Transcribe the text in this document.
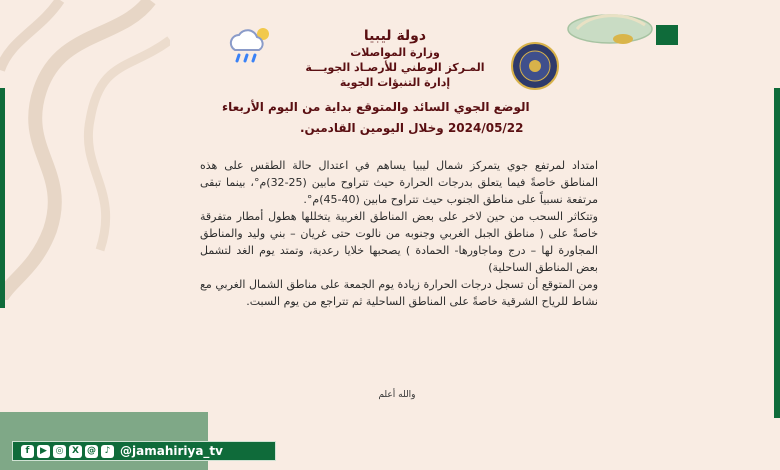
دولة ليبيا
وزارة المواصلات
المـركز الوطني للأرصـاد الجويـــة
إدارة التنبؤات الجوية
الوضع الجوي السائد والمتوقع بداية من اليوم الأربعاء
2024/05/22 وخلال اليومين القادمين.

امتداد لمرتفع جوي يتمركز شمال ليبيا يساهم في اعتدال حالة الطقس على هذه المناطق خاصةً فيما يتعلق بدرجات الحرارة حيث تتراوح مابين (25-32)م°، بينما تبقى مرتفعة نسبياً على مناطق الجنوب حيث تتراوح مابين (40-45)م°.

وتتكاثر السحب من حين لاخر على بعض المناطق الغربية يتخللها هطول أمطار متفرقة خاصةً على ( مناطق الجبل الغربي وجنوبه من نالوت حتى غريان – بني وليد والمناطق المجاورة لها – درج وماجاورها- الحمادة ) يصحبها خلايا رعدية، وتمتد يوم الغد لتشمل بعض المناطق الساحلية)

ومن المتوقع أن تسجل درجات الحرارة زيادة يوم الجمعة على مناطق الشمال الغربي مع نشاط للرياح الشرقية خاصةً على المناطق الساحلية ثم تتراجع من يوم السبت.

والله أعلم
f	▶ ◎ X @ ♪ @jamahiriya_tv
